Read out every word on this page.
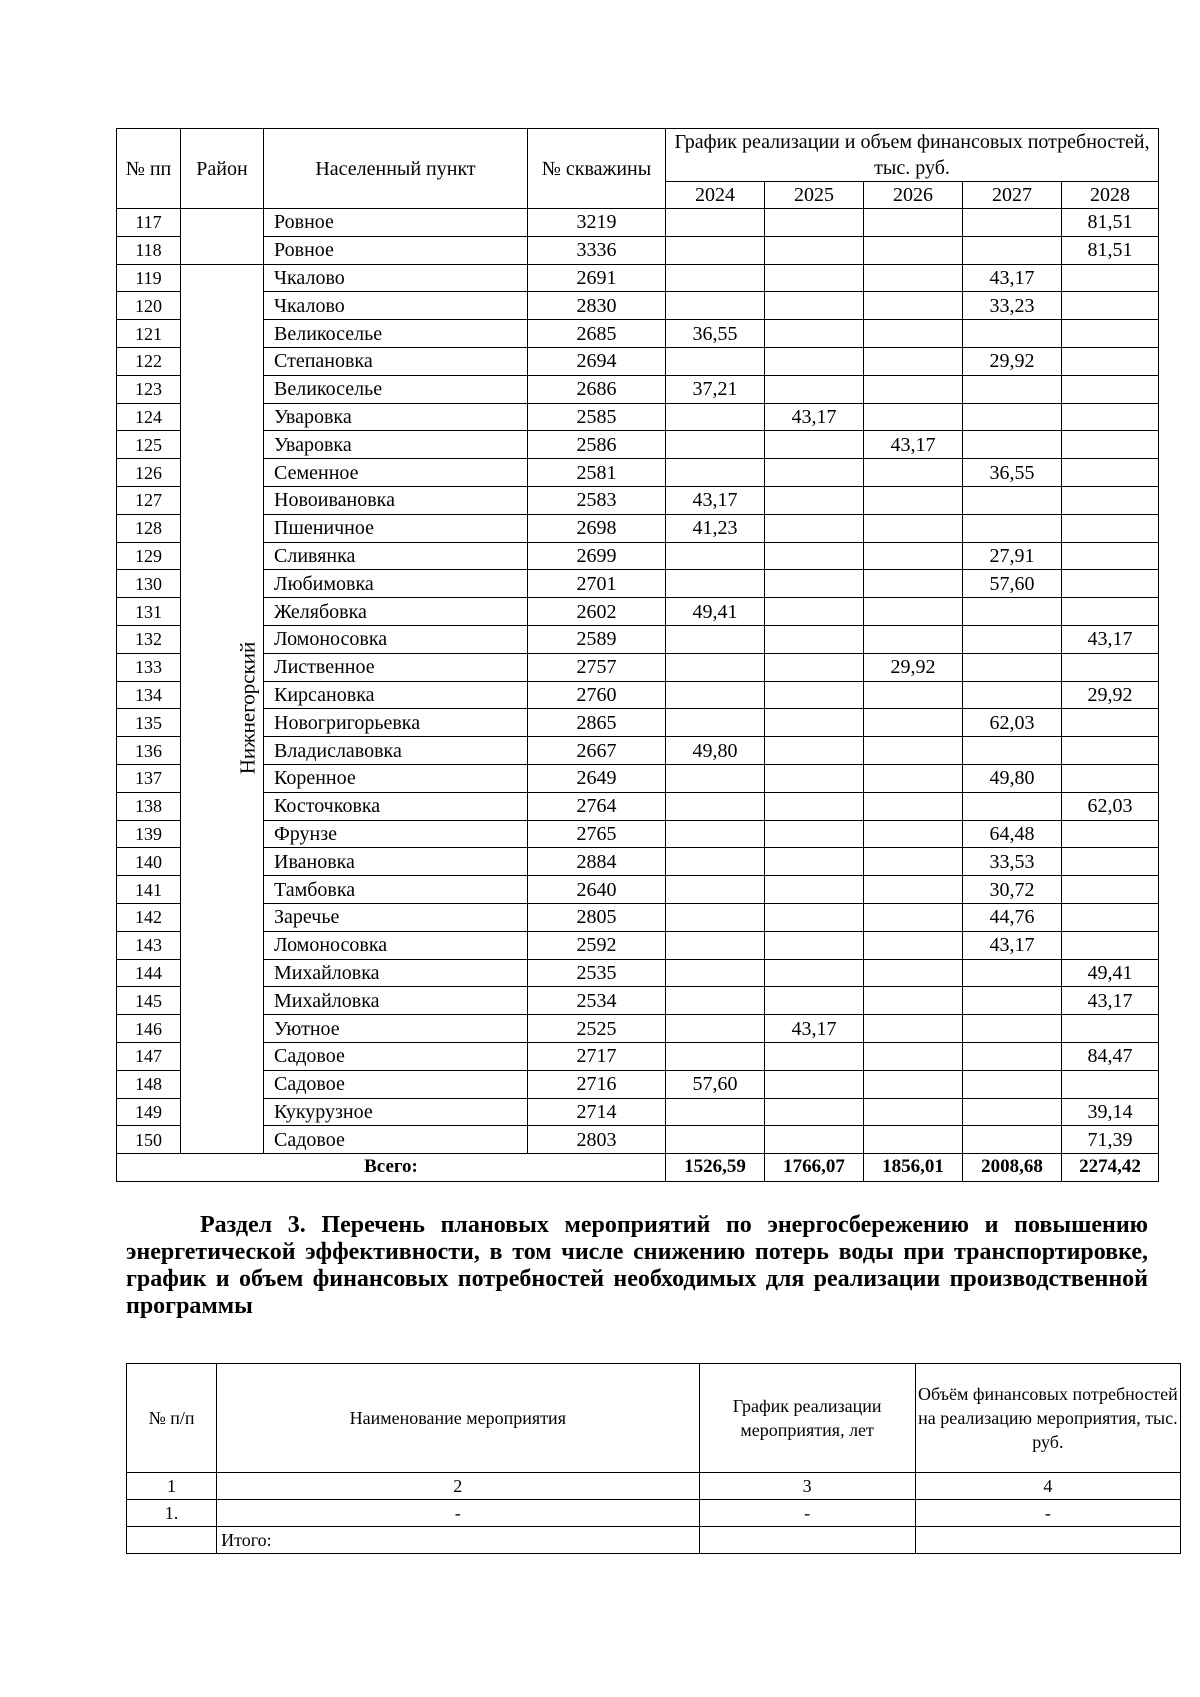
№ пп	Район	Населенный пункт	№ скважины	График реализации и объем финансовых потребностей, тыс. руб.				
				2024	2025	2026	2027	2028
117		Ровное	3219					81,51
118		Ровное	3336					81,51
119	Нижнегорский	Чкалово	2691				43,17	
120		Чкалово	2830				33,23	
121		Великоселье	2685	36,55				
122		Степановка	2694				29,92	
123		Великоселье	2686	37,21				
124		Уваровка	2585		43,17			
125		Уваровка	2586			43,17		
126		Семенное	2581				36,55	
127		Новоивановка	2583	43,17				
128		Пшеничное	2698	41,23				
129		Сливянка	2699				27,91	
130		Любимовка	2701				57,60	
131		Желябовка	2602	49,41				
132		Ломоносовка	2589					43,17
133		Лиственное	2757			29,92		
134		Кирсановка	2760					29,92
135		Новогригорьевка	2865				62,03	
136		Владиславовка	2667	49,80				
137		Коренное	2649				49,80	
138		Косточковка	2764					62,03
139		Фрунзе	2765				64,48	
140		Ивановка	2884				33,53	
141		Тамбовка	2640				30,72	
142		Заречье	2805				44,76	
143		Ломоносовка	2592				43,17	
144		Михайловка	2535					49,41
145		Михайловка	2534					43,17
146		Уютное	2525		43,17			
147		Садовое	2717					84,47
148		Садовое	2716	57,60				
149		Кукурузное	2714					39,14
150		Садовое	2803					71,39
Всего:				1526,59	1766,07	1856,01	2008,68	2274,42
Раздел 3. Перечень плановых мероприятий по энергосбережению и повышению энергетической эффективности, в том числе снижению потерь воды при транспортировке, график и объем финансовых потребностей необходимых для реализации производственной программы
№ п/п	Наименование мероприятия	График реализации мероприятия, лет	Объём финансовых потребностей на реализацию мероприятия, тыс. руб.
1	2	3	4
1.	-	-	-
	Итого:		
